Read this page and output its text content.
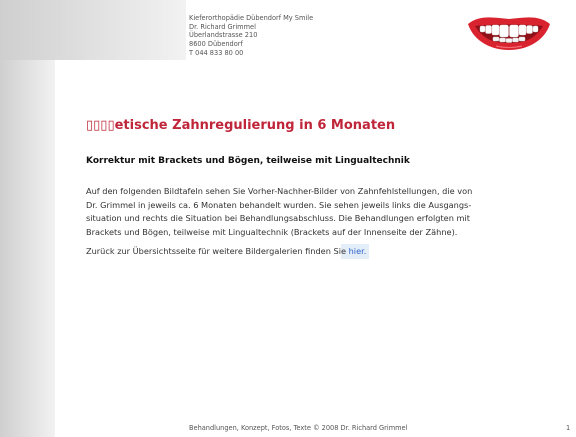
Kieferorthopädie Dübendorf My Smile
Dr. Richard Grimmel
Überlandstrasse 210
8600 Dübendorf
T 044 833 80 00
▯▯▯▯etische Zahnregulierung in 6 Monaten
Korrektur mit Brackets und Bögen, teilweise mit Lingualtechnik
Auf den folgenden Bildtafeln sehen Sie Vorher-Nachher-Bilder von Zahnfehlstellungen, die von
Dr. Grimmel in jeweils ca. 6 Monaten behandelt wurden. Sie sehen jeweils links die Ausgangs-
situation und rechts die Situation bei Behandlungsabschluss. Die Behandlungen erfolgten mit
Brackets und Bögen, teilweise mit Lingualtechnik (Brackets auf der Innenseite der Zähne).
Zurück zur Übersichtsseite für weitere Bildergalerien finden Sie hier.
Behandlungen, Konzept, Fotos, Texte © 2008 Dr. Richard Grimmel	1
